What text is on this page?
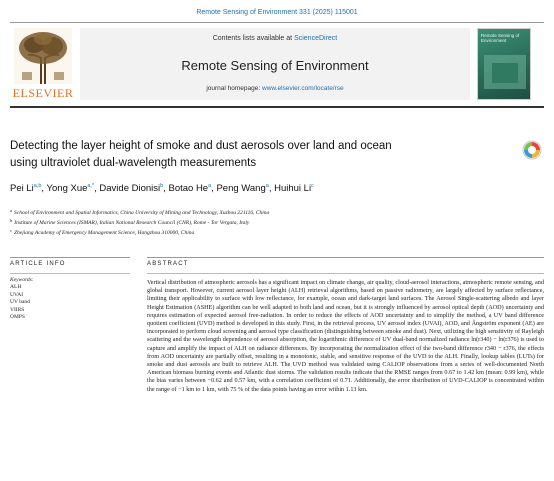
Remote Sensing of Environment 331 (2025) 115001
ELSEVIER
Contents lists available at ScienceDirect
Remote Sensing of Environment
journal homepage: www.elsevier.com/locate/rse
Remote Sensing of Environment
Detecting the layer height of smoke and dust aerosols over land and ocean
using ultraviolet dual-wavelength measurements
Pei Li$^{a,b}$, Yong Xue$^{a,*}$, Davide Dionisi$^b$, Botao He$^a$, Peng Wang$^a$, Huihui Li$^c$
$^a$ School of Environment and Spatial Informatics, China University of Mining and Technology, Xuzhou 221116, China
$^b$ Institute of Marine Sciences (ISMAR), Italian National Research Council (CNR), Rome - Tor Vergata, Italy
$^c$ Zhejiang Academy of Emergency Management Science, Hangzhou 310000, China
ARTICLE INFO	ABSTRACT
Keywords:
ALH
UVAI
UV band
VIIRS
OMPS
Vertical distribution of atmospheric aerosols has a significant impact on climate change, air quality, cloud-aerosol interactions, atmospheric remote sensing, and global transport. However, current aerosol layer height (ALH) retrieval algorithms, based on passive radiometry, are largely affected by surface reflectance, limiting their applicability to surface with low reflectance, for example, ocean and dark-target land surfaces. The Aerosol Single-scattering albedo and layer Height Estimation (ASHE) algorithm can be well adapted to both land and ocean, but it is strongly influenced by aerosol optical depth (AOD) uncertainty and requires estimation of expected aerosol free-radiation. In order to reduce the effects of AOD uncertainty and to simplify the method, a UV band difference quotient coefficient (UVD) method is developed in this study. First, in the retrieval process, UV aerosol index (UVAI), AOD, and Ångström exponent (AE) are incorporated to perform cloud screening and aerosol type classification (distinguishing between smoke and dust). Next, utilizing the high sensitivity of Rayleigh scattering and the wavelength dependence of aerosol absorption, the logarithmic difference of UV dual-band normalized radiance ln(r340) − ln(r376) is used to capture and amplify the impact of ALH on radiance differences. By incorporating the normalization effect of the two-band difference r340 − r376, the effects from AOD uncertainty are partially offset, resulting in a monotonic, stable, and sensitive response of the UVD to the ALH. Finally, lookup tables (LUTs) for smoke and dust aerosols are built to retrieve ALH. The UVD method was validated using CALIOP observations from a series of well-documented North American biomass burning events and Atlantic dust storms. The validation results indicate that the RMSE ranges from 0.67 to 1.42 km (mean: 0.99 km), while the bias varies between −0.62 and 0.57 km, with a correlation coefficient of 0.71. Additionally, the error distribution of UVD-CALIOP is concentrated within the range of −1 km to 1 km, with 75 % of the data points having an error within 1.13 km.
